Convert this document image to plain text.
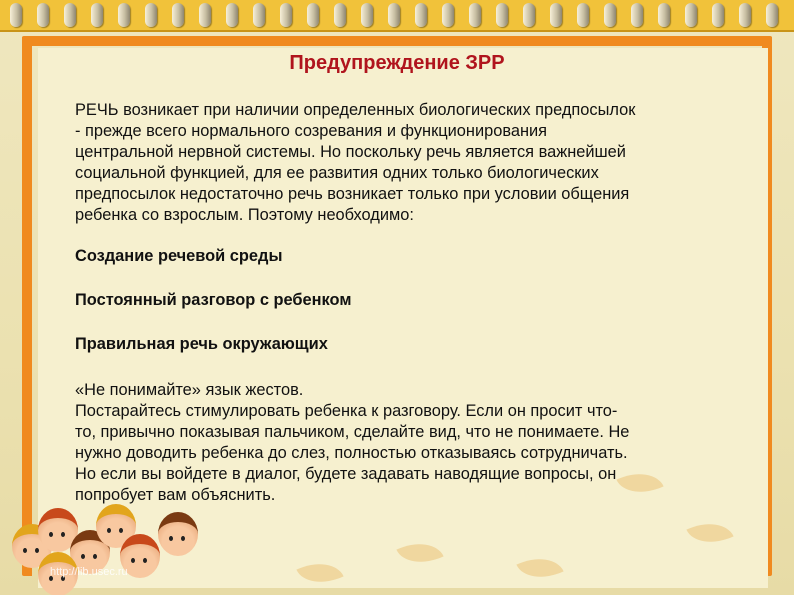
Предупреждение ЗРР

РЕЧЬ возникает при наличии определенных биологических предпосылок
- прежде всего нормального созревания и функционирования
центральной нервной системы. Но поскольку речь является важнейшей
социальной функцией, для ее развития одних только биологических
предпосылок недостаточно речь возникает только при условии общения
ребенка со взрослым. Поэтому необходимо:

Создание речевой среды

Постоянный разговор с ребенком

Правильная речь окружающих

«Не понимайте» язык жестов.
Постарайтесь стимулировать ребенка к разговору. Если он просит что-
то, привычно показывая пальчиком, сделайте вид, что не понимаете. Не
нужно доводить ребенка до слез, полностью отказываясь сотрудничать.
Но если вы войдете в диалог, будете задавать наводящие вопросы, он
попробует вам объяснить.

http://lib.usec.ru
